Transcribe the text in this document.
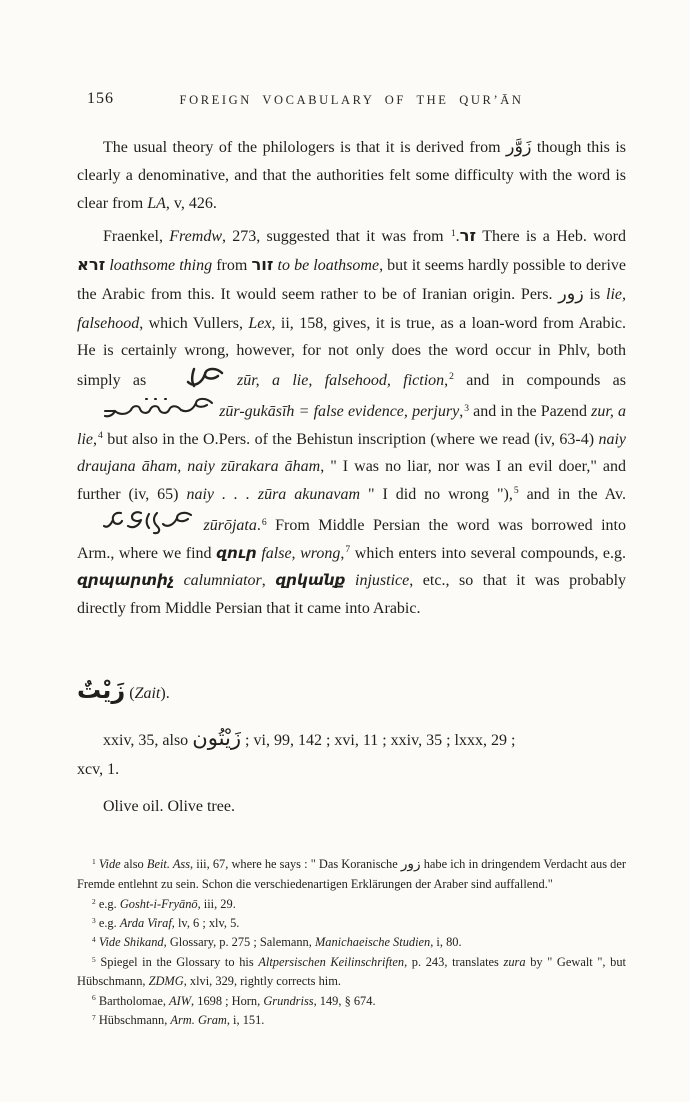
156	FOREIGN VOCABULARY OF THE QURʼĀN

The usual theory of the philologers is that it is derived from زَوَّر though this is clearly a denominative, and that the authorities felt some difficulty with the word is clear from LA, v, 426.

Fraenkel, Fremdw, 273, suggested that it was from זר.$^1$ There is a Heb. word זרא loathsome thing from זור to be loathsome, but it seems hardly possible to derive the Arabic from this. It would seem rather to be of Iranian origin. Pers. زور is lie, falsehood, which Vullers, Lex, ii, 158, gives, it is true, as a loan-word from Arabic. He is certainly wrong, however, for not only does the word occur in Phlv, both simply as	zūr, a lie, falsehood, fiction,$^2$ and in compounds as  zūr-gukāsīh = false evidence, perjury,$^3$ and in the Pazend zur, a lie,$^4$ but also in the O.Pers. of the Behistun inscription (where we read (iv, 63-4) naiy draujana āham, naiy zūrakara āham, " I was no liar, nor was I an evil doer," and further (iv, 65) naiy . . . zūra akunavam " I did no wrong "),$^5$ and in the Av.  zūrōjata.$^6$ From Middle Persian the word was borrowed into Arm., where we find զուր false, wrong,$^7$ which enters into several compounds, e.g. զրպարտիչ calumniator, զրկանք injustice, etc., so that it was probably directly from Middle Persian that it came into Arabic.

زَيْتٌ (Zait).

xxiv, 35, also زَيْتُون ; vi, 99, 142 ; xvi, 11 ; xxiv, 35 ; lxxx, 29 ;
xcv, 1.

Olive oil. Olive tree.

$^1$ Vide also Beit. Ass, iii, 67, where he says : " Das Koranische زور habe ich in dringendem Verdacht aus der Fremde entlehnt zu sein. Schon die verschiedenartigen Erklärungen der Araber sind auffallend."

$^2$ e.g. Gosht-i-Fryānō, iii, 29.

$^3$ e.g. Arda Viraf, lv, 6 ; xlv, 5.

$^4$ Vide Shikand, Glossary, p. 275 ; Salemann, Manichaeische Studien, i, 80.

$^5$ Spiegel in the Glossary to his Altpersischen Keilinschriften, p. 243, translates zura by " Gewalt ", but Hübschmann, ZDMG, xlvi, 329, rightly corrects him.

$^6$ Bartholomae, AIW, 1698 ; Horn, Grundriss, 149, § 674.

$^7$ Hübschmann, Arm. Gram, i, 151.
